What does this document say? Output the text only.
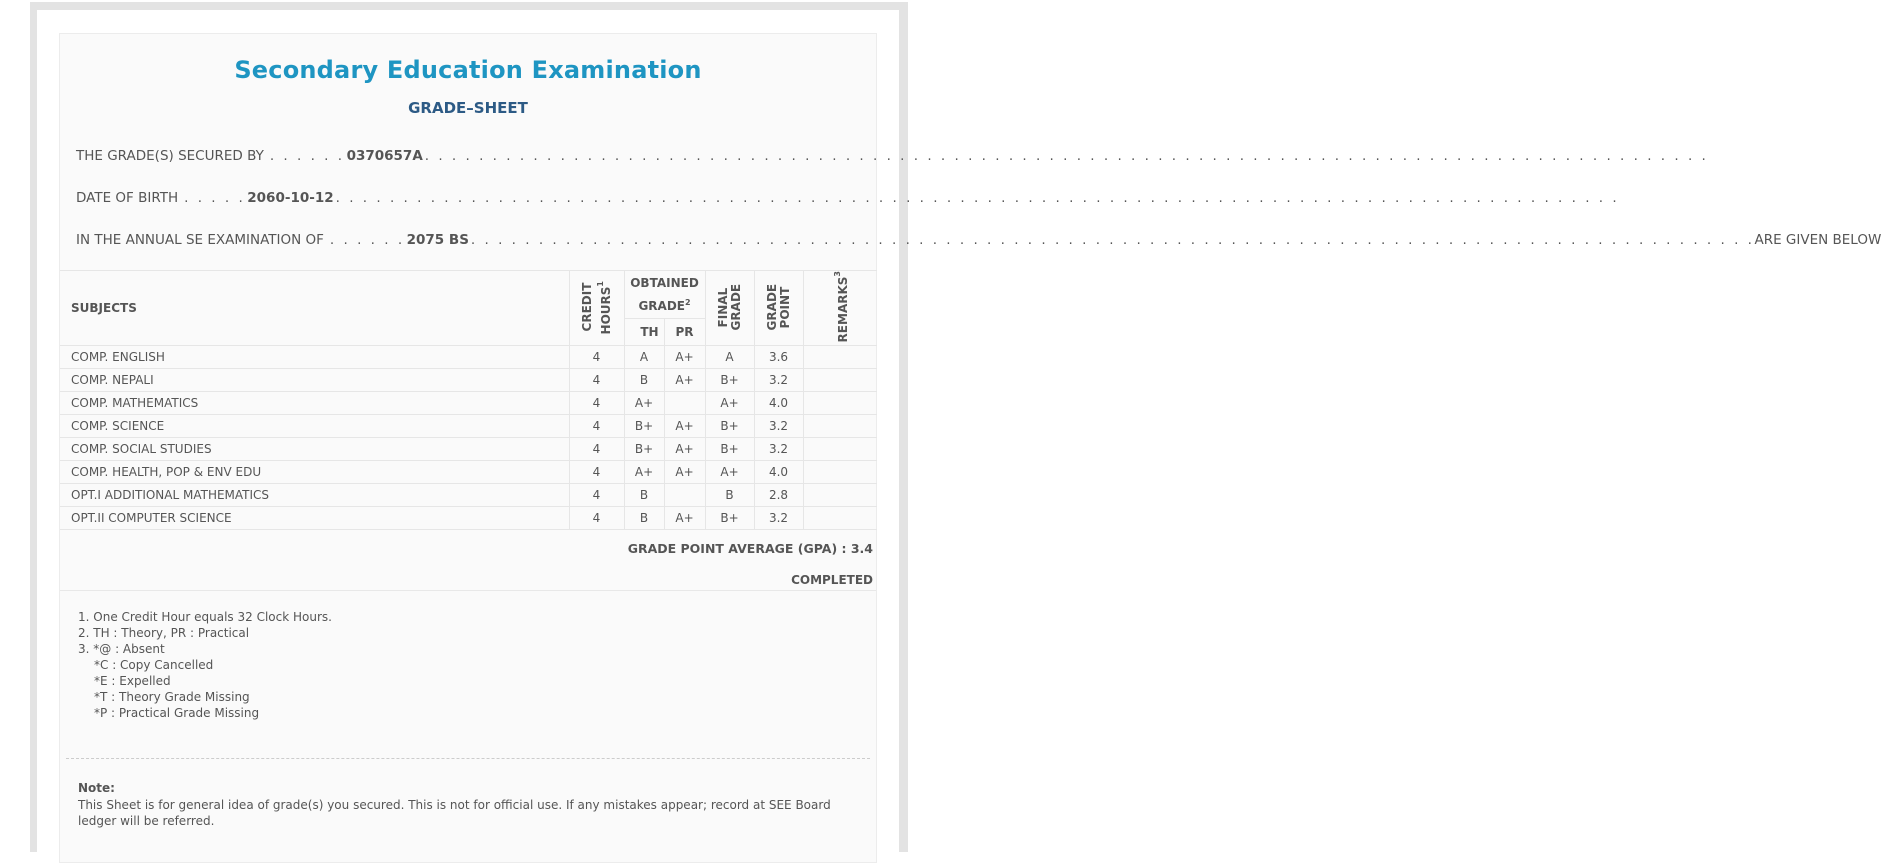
Secondary Education Examination
GRADE–SHEET
THE GRADE(S) SECURED BY . . . . . . 0370657A . . . . . . . . . . . . . . . . . . . . . . . . . . . . . . . . . . . . . . . . . . . . . . . . . . . . . . . . . . . . . . . . . . . . . . . . . . . . . . . . . . . . . . . . . . . . . . .
DATE OF BIRTH . . . . . 2060-10-12 . . . . . . . . . . . . . . . . . . . . . . . . . . . . . . . . . . . . . . . . . . . . . . . . . . . . . . . . . . . . . . . . . . . . . . . . . . . . . . . . . . . . . . . . . . . . . . .
IN THE ANNUAL SE EXAMINATION OF . . . . . . 2075 BS . . . . . . . . . . . . . . . . . . . . . . . . . . . . . . . . . . . . . . . . . . . . . . . . . . . . . . . . . . . . . . . . . . . . . . . . . . . . . . . . . . . . . . . . . . . . . . . ARE GIVEN BELOW
SUBJECTS	CREDIT HOURS$^1$	OBTAINED GRADE$^2$		FINAL GRADE	GRADE POINT	REMARKS$^3$
		TH	PR			
COMP. ENGLISH	4	A	A+	A	3.6	
COMP. NEPALI	4	B	A+	B+	3.2	
COMP. MATHEMATICS	4	A+		A+	4.0	
COMP. SCIENCE	4	B+	A+	B+	3.2	
COMP. SOCIAL STUDIES	4	B+	A+	B+	3.2	
COMP. HEALTH, POP & ENV EDU	4	A+	A+	A+	4.0	
OPT.I ADDITIONAL MATHEMATICS	4	B		B	2.8	
OPT.II COMPUTER SCIENCE	4	B	A+	B+	3.2	
GRADE POINT AVERAGE (GPA) : 3.4
COMPLETED
1. One Credit Hour equals 32 Clock Hours.
2. TH : Theory, PR : Practical
3. *@ : Absent
*C : Copy Cancelled
*E : Expelled
*T : Theory Grade Missing
*P : Practical Grade Missing
Note:
This Sheet is for general idea of grade(s) you secured. This is not for official use. If any mistakes appear; record at SEE Board ledger will be referred.
